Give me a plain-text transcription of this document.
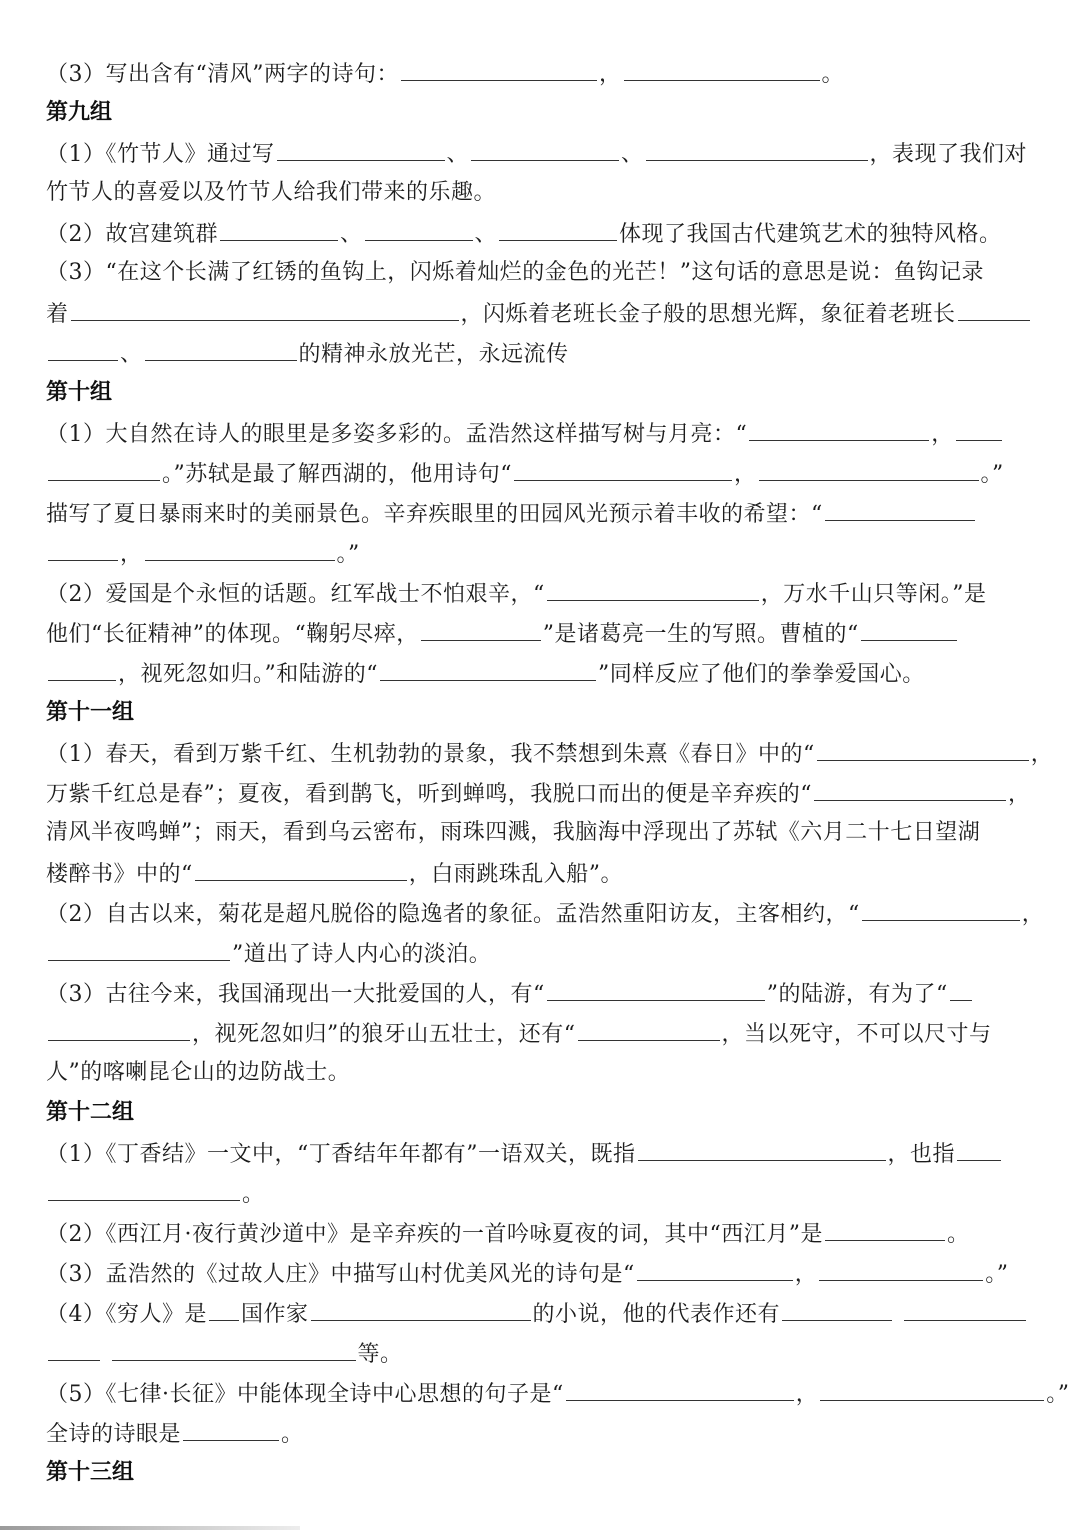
（3）写出含有“清风”两字的诗句：	，	。
第九组
（1）《竹节人》通过写	、	、	，表现了我们对
竹节人的喜爱以及竹节人给我们带来的乐趣。
（2）故宫建筑群	、	、	体现了我国古代建筑艺术的独特风格。
（3）“在这个长满了红锈的鱼钩上，闪烁着灿烂的金色的光芒！”这句话的意思是说：鱼钩记录
着	，闪烁着老班长金子般的思想光辉，象征着老班长
、	的精神永放光芒，永远流传
第十组
（1）大自然在诗人的眼里是多姿多彩的。孟浩然这样描写树与月亮：“	，
。”苏轼是最了解西湖的，他用诗句“	，	。”
描写了夏日暴雨来时的美丽景色。辛弃疾眼里的田园风光预示着丰收的希望：“
，	。”
（2）爱国是个永恒的话题。红军战士不怕艰辛，“	，万水千山只等闲。”是
他们“长征精神”的体现。“鞠躬尽瘁，	”是诸葛亮一生的写照。曹植的“
，视死忽如归。”和陆游的“	”同样反应了他们的拳拳爱国心。
第十一组
（1）春天，看到万紫千红、生机勃勃的景象，我不禁想到朱熹《春日》中的“	，
万紫千红总是春”；夏夜，看到鹊飞，听到蝉鸣，我脱口而出的便是辛弃疾的“	，
清风半夜鸣蝉”；雨天，看到乌云密布，雨珠四溅，我脑海中浮现出了苏轼《六月二十七日望湖
楼醉书》中的“	，白雨跳珠乱入船”。
（2）自古以来，菊花是超凡脱俗的隐逸者的象征。孟浩然重阳访友，主客相约，“	，
”道出了诗人内心的淡泊。
（3）古往今来，我国涌现出一大批爱国的人，有“	”的陆游，有为了“
，视死忽如归”的狼牙山五壮士，还有“	，当以死守，不可以尺寸与
人”的喀喇昆仑山的边防战士。
第十二组
（1）《丁香结》一文中，“丁香结年年都有”一语双关，既指	，也指
。
（2）《西江月·夜行黄沙道中》是辛弃疾的一首吟咏夏夜的词，其中“西江月”是	。
（3）孟浩然的《过故人庄》中描写山村优美风光的诗句是“	，	。”
（4）《穷人》是 国作家	的小说，他的代表作还有
等。
（5）《七律·长征》中能体现全诗中心思想的句子是“	，	。”
全诗的诗眼是	。
第十三组
